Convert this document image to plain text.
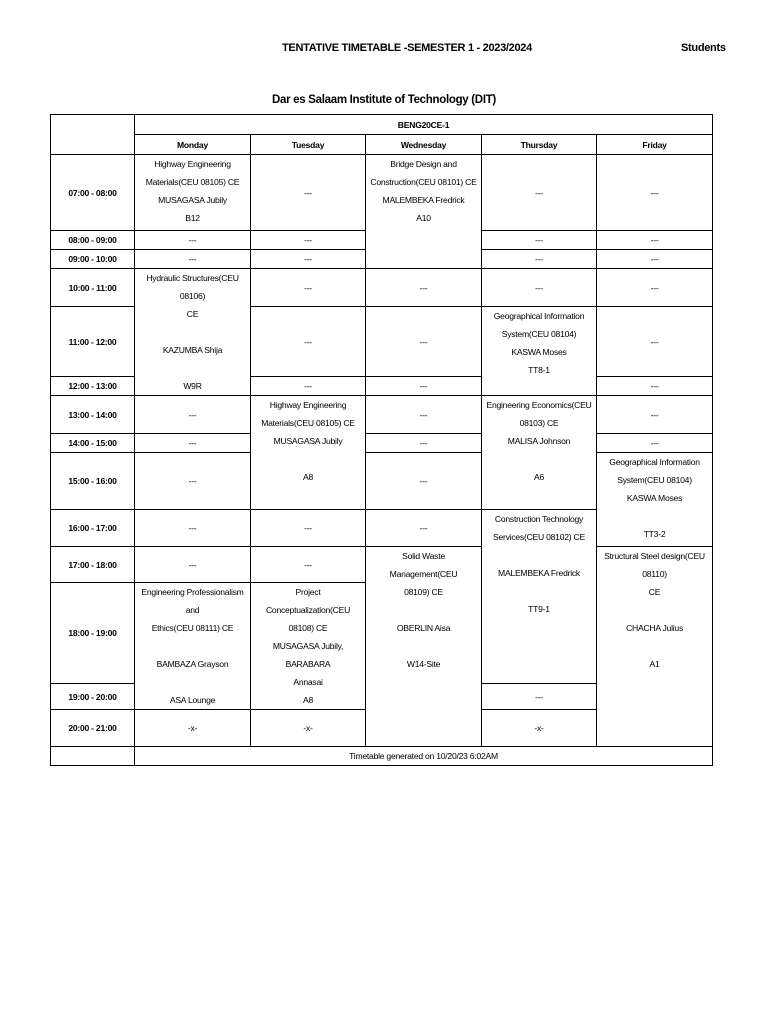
TENTATIVE TIMETABLE -SEMESTER 1 - 2023/2024	Students
Dar es Salaam Institute of Technology (DIT)
	BENG20CE-1					
	Monday	Tuesday	Wednesday	Thursday	Friday	
07:00 - 08:00	Highway Engineering
Materials(CEU 08105) CE
MUSAGASA Jubily
B12	---	Bridge Design and
Construction(CEU 08101) CE
MALEMBEKA Fredrick
A10	---	---	
08:00 - 09:00	---	---		---	---	
09:00 - 10:00	---	---		---	---	
10:00 - 11:00	Hydraulic Structures(CEU 08106)
CE

KAZUMBA Shija

W9R	---	---	---	---	
11:00 - 12:00		---	---	Geographical Information
System(CEU 08104)
KASWA Moses
TT8-1	---	
12:00 - 13:00		---	---		---	
13:00 - 14:00	---	Highway Engineering
Materials(CEU 08105) CE
MUSAGASA Jubily

A8	---	Engineering Economics(CEU
08103) CE
MALISA Johnson

A6	---	
14:00 - 15:00	---		---		---	
15:00 - 16:00	---		---		Geographical Information
System(CEU 08104)
KASWA Moses

TT3-2	

16:00 - 17:00	---	---	---	Construction Technology
Services(CEU 08102) CE

MALEMBEKA Fredrick

TT9-1		

17:00 - 18:00	---	---	Solid Waste Management(CEU
08109) CE

OBERLIN Aisa

W14-Site		Structural Steel design(CEU 08110)
CE

CHACHA Julius

A1	

18:00 - 19:00	Engineering Professionalism and
Ethics(CEU 08111) CE

BAMBAZA Grayson

ASA Lounge	Project Conceptualization(CEU
08108) CE
MUSAGASA Jubily, BARABARA
Annasai
A8				

19:00 - 20:00				---		
20:00 - 21:00	-x-	-x-		-x-		
	Timetable generated on 10/20/23 6:02AM					
